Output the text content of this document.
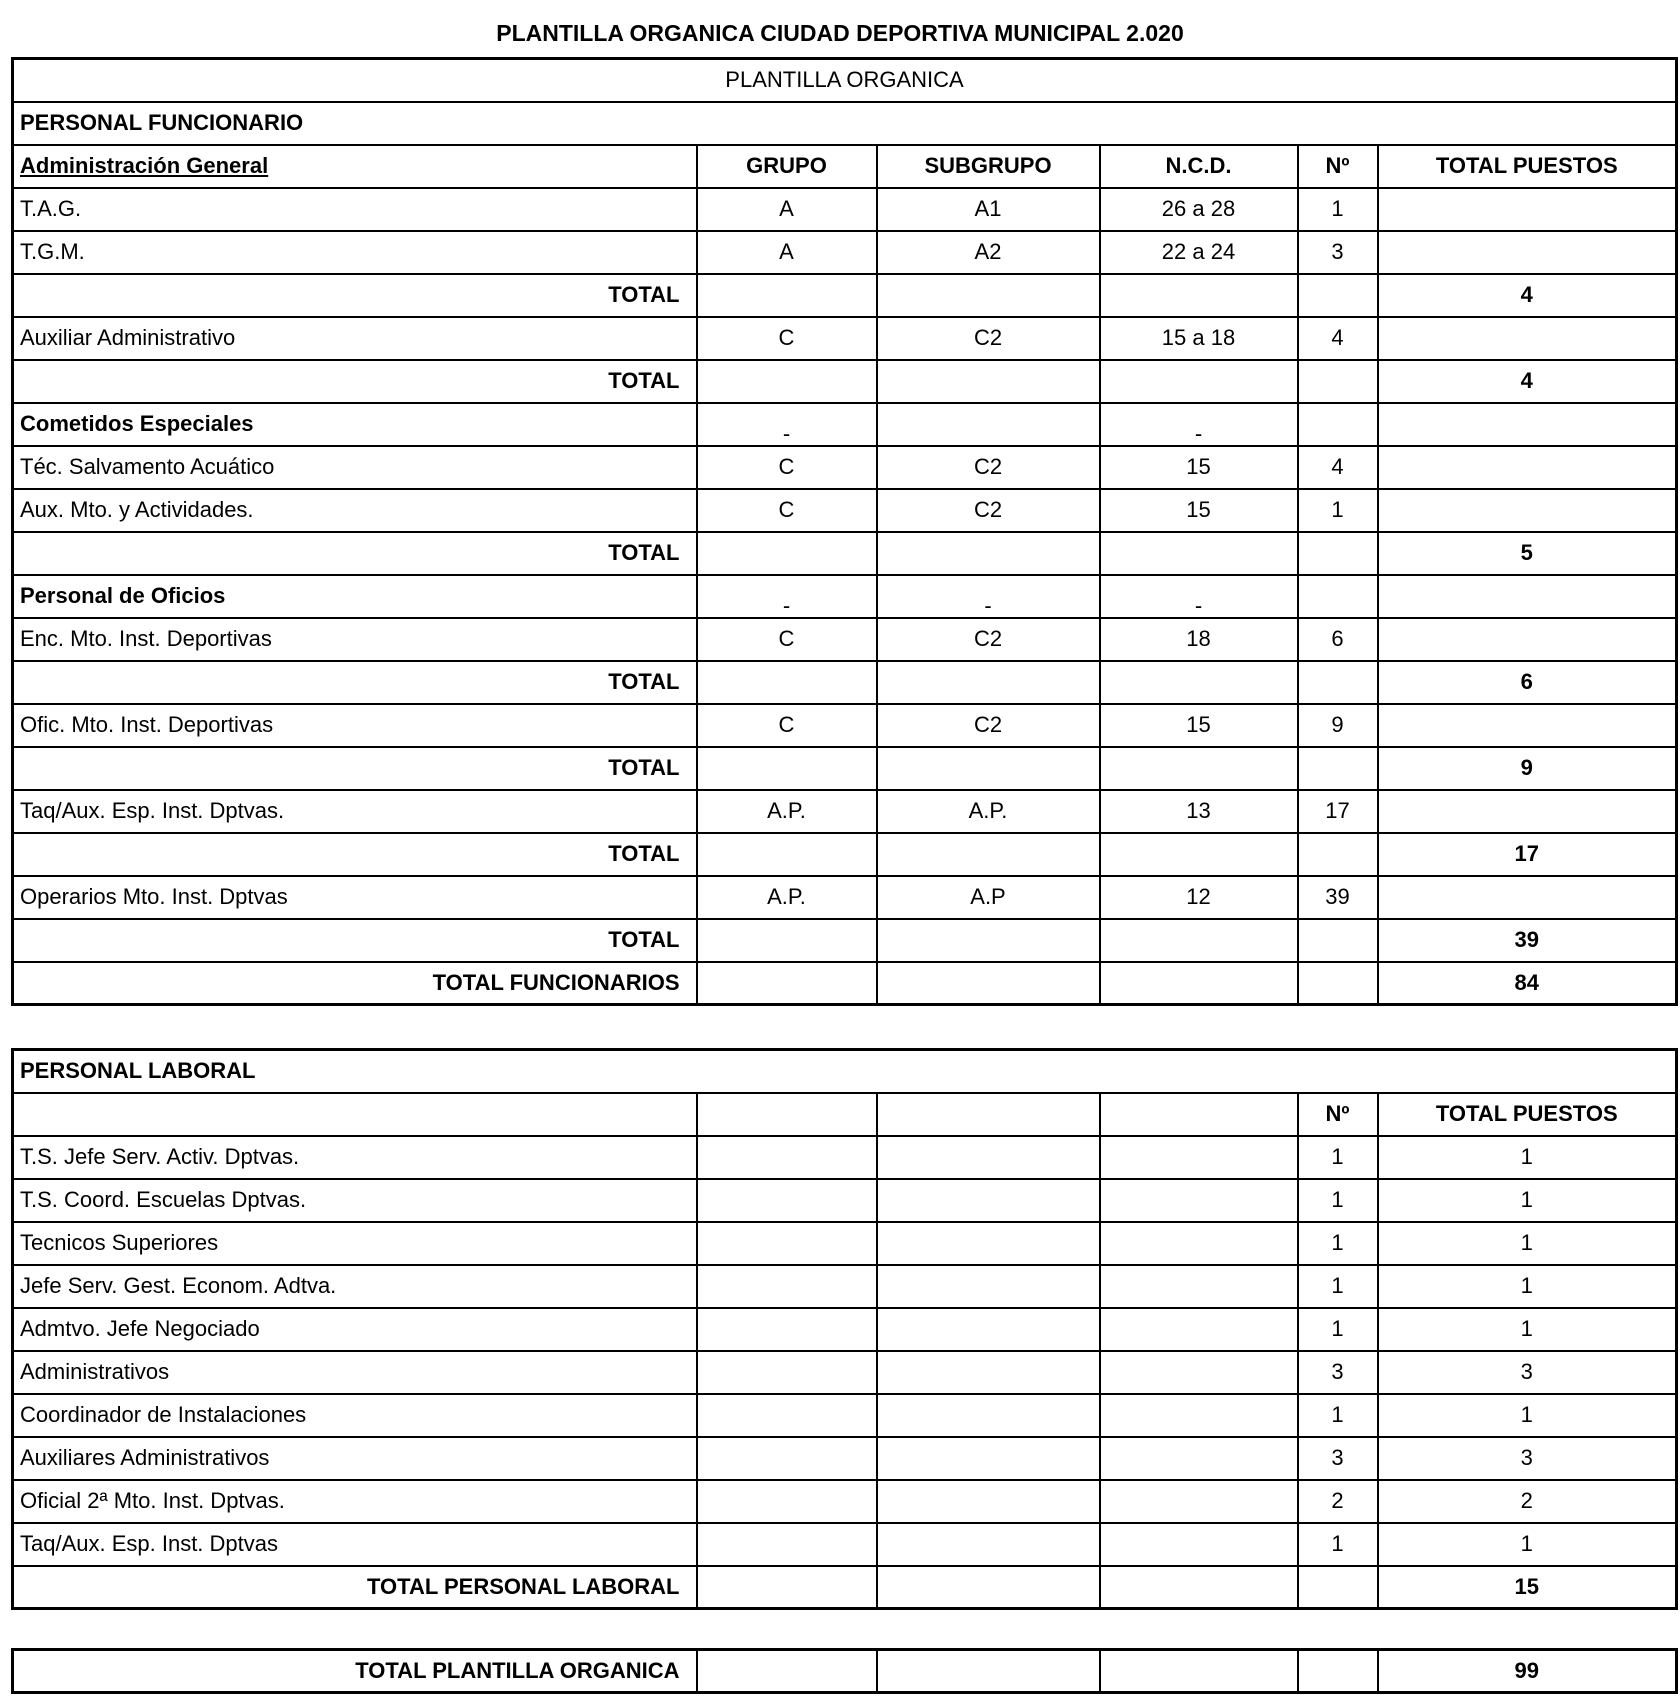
PLANTILLA ORGANICA CIUDAD DEPORTIVA MUNICIPAL 2.020
PLANTILLA ORGANICA					
PERSONAL FUNCIONARIO					
Administración General	GRUPO	SUBGRUPO	N.C.D.	Nº	TOTAL PUESTOS
T.A.G.	A	A1	26 a 28	1	
T.G.M.	A	A2	22 a 24	3	
TOTAL					4
Auxiliar Administrativo	C	C2	15 a 18	4	
TOTAL					4
Cometidos Especiales	-		-		
Téc. Salvamento Acuático	C	C2	15	4	
Aux. Mto. y Actividades.	C	C2	15	1	
TOTAL					5
Personal de Oficios	-	-	-		
Enc. Mto. Inst. Deportivas	C	C2	18	6	
TOTAL					6
Ofic. Mto. Inst. Deportivas	C	C2	15	9	
TOTAL					9
Taq/Aux. Esp. Inst. Dptvas.	A.P.	A.P.	13	17	
TOTAL					17
Operarios Mto. Inst. Dptvas	A.P.	A.P	12	39	
TOTAL					39
TOTAL FUNCIONARIOS					84
PERSONAL LABORAL					
				Nº	TOTAL PUESTOS
T.S. Jefe Serv. Activ. Dptvas.				1	1
T.S. Coord. Escuelas Dptvas.				1	1
Tecnicos Superiores				1	1
Jefe Serv. Gest. Econom. Adtva.				1	1
Admtvo. Jefe Negociado				1	1
Administrativos				3	3
Coordinador de Instalaciones				1	1
Auxiliares Administrativos				3	3
Oficial 2ª Mto. Inst. Dptvas.				2	2
Taq/Aux. Esp. Inst. Dptvas				1	1
TOTAL PERSONAL LABORAL					15
TOTAL PLANTILLA ORGANICA					99
